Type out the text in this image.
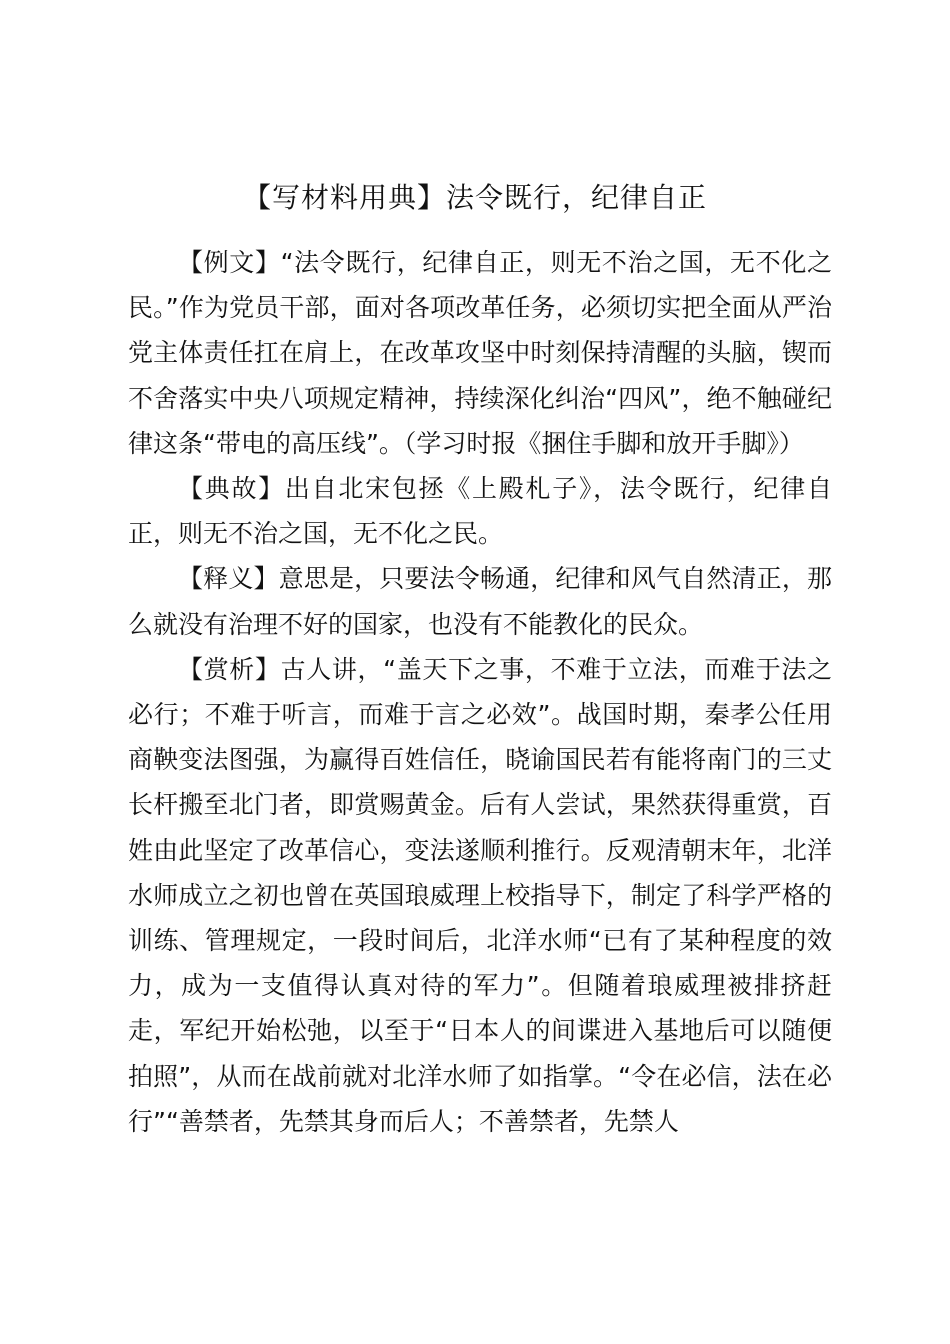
【写材料用典】法令既行，纪律自正

【例文】“法令既行，纪律自正，则无不治之国，无不化之民。”作为党员干部，面对各项改革任务，必须切实把全面从严治党主体责任扛在肩上，在改革攻坚中时刻保持清醒的头脑，锲而不舍落实中央八项规定精神，持续深化纠治“四风”，绝不触碰纪律这条“带电的高压线”。（学习时报《捆住手脚和放开手脚》）

【典故】出自北宋包拯《上殿札子》，法令既行，纪律自正，则无不治之国，无不化之民。

【释义】意思是，只要法令畅通，纪律和风气自然清正，那么就没有治理不好的国家，也没有不能教化的民众。

【赏析】古人讲，“盖天下之事，不难于立法，而难于法之必行；不难于听言，而难于言之必效”。战国时期，秦孝公任用商鞅变法图强，为赢得百姓信任，晓谕国民若有能将南门的三丈长杆搬至北门者，即赏赐黄金。后有人尝试，果然获得重赏，百姓由此坚定了改革信心，变法遂顺利推行。反观清朝末年，北洋水师成立之初也曾在英国琅威理上校指导下，制定了科学严格的训练、管理规定，一段时间后，北洋水师“已有了某种程度的效力，成为一支值得认真对待的军力”。但随着琅威理被排挤赶走，军纪开始松弛，以至于“日本人的间谍进入基地后可以随便拍照”，从而在战前就对北洋水师了如指掌。“令在必信，法在必行”“善禁者，先禁其身而后人；不善禁者，先禁人
